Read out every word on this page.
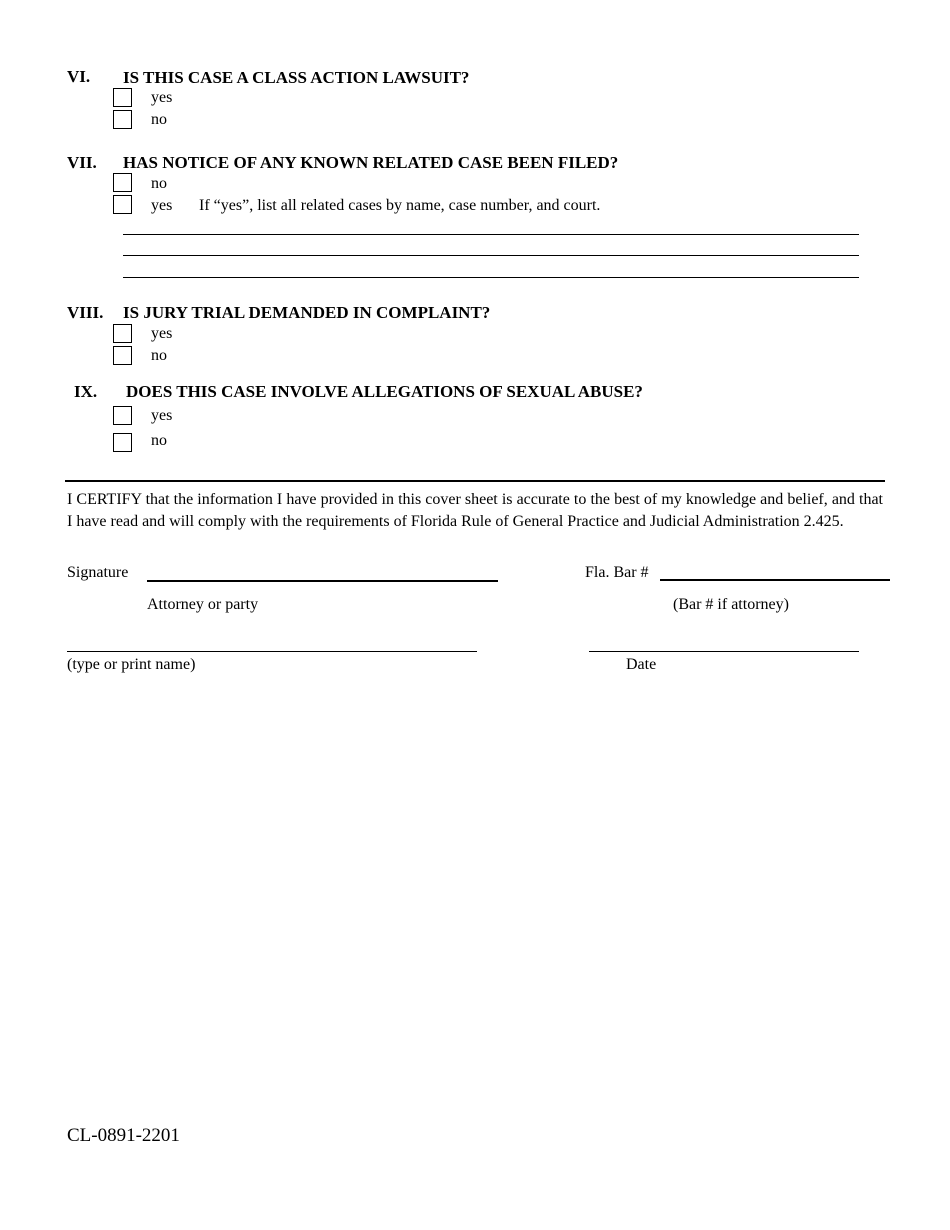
VI. IS THIS CASE A CLASS ACTION LAWSUIT?
yes
no
VII. HAS NOTICE OF ANY KNOWN RELATED CASE BEEN FILED?
no
yes If “yes”, list all related cases by name, case number, and court.
VIII. IS JURY TRIAL DEMANDED IN COMPLAINT?
yes
no
IX. DOES THIS CASE INVOLVE ALLEGATIONS OF SEXUAL ABUSE?
yes
no
I CERTIFY that the information I have provided in this cover sheet is accurate to the best of my knowledge and belief, and that I have read and will comply with the requirements of Florida Rule of General Practice and Judicial Administration 2.425.
Signature	Fla. Bar #
Attorney or party	(Bar # if attorney)
(type or print name)	Date
CL-0891-2201
